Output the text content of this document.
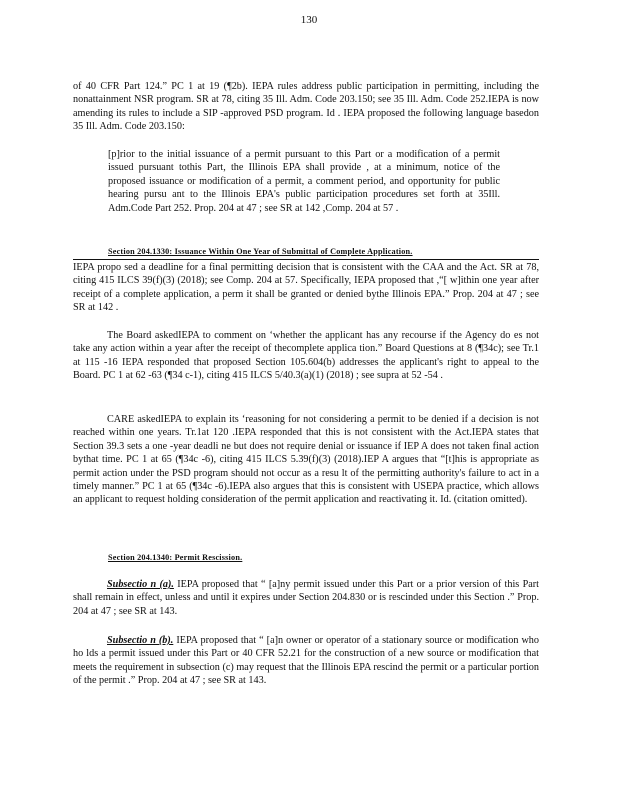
130

of 40 CFR Part 124.” PC 1 at 19 (¶2b). IEPA rules address public participation in permitting, including the nonattainment NSR program. SR at 78, citing 35 Ill. Adm. Code 203.150; see 35 Ill. Adm. Code 252.IEPA is now amending its rules to include a SIP -approved PSD program. Id . IEPA proposed the following language basedon 35 Ill. Adm. Code 203.150:

[p]rior to the initial issuance of a permit pursuant to this Part or a modification of a permit issued pursuant tothis Part, the Illinois EPA shall provide , at a minimum, notice of the proposed issuance or modification of a permit, a comment period, and opportunity for public hearing pursu ant to the Illinois EPA's public participation procedures set forth at 35Ill. Adm.Code Part 252. Prop. 204 at 47 ; see SR at 142 ,Comp. 204 at 57 .

Section 204.1330: Issuance Within One Year of Submittal of Complete Application.

IEPA propo sed a deadline for a final permitting decision that is consistent with the CAA and the Act. SR at 78, citing 415 ILCS 39(f)(3) (2018); see Comp. 204 at 57. Specifically, IEPA proposed that ,“[ w]ithin one year after receipt of a complete application, a perm it shall be granted or denied bythe Illinois EPA.” Prop. 204 at 47 ; see SR at 142 .

The Board askedIEPA to comment on ‘whether the applicant has any recourse if the Agency do es not take any action within a year after the receipt of thecomplete applica tion.” Board Questions at 8 (¶34c); see Tr.1 at 115 -16 IEPA responded that proposed Section 105.604(b) addresses the applicant's right to appeal to the Board. PC 1 at 62 -63 (¶34 c-1), citing 415 ILCS 5/40.3(a)(1) (2018) ; see supra at 52 -54 .

CARE askedIEPA to explain its ‘reasoning for not considering a permit to be denied if a decision is not reached within one years. Tr.1at 120 .IEPA responded that this is not consistent with the Act.IEPA states that Section 39.3 sets a one -year deadli ne but does not require denial or issuance if IEP A does not taken final action bythat time. PC 1 at 65 (¶34c -6), citing 415 ILCS 5.39(f)(3) (2018).IEP A argues that “[t]his is appropriate as permit action under the PSD program should not occur as a resu lt of the permitting authority's failure to act in a timely manner.” PC 1 at 65 (¶34c -6).IEPA also argues that this is consistent with USEPA practice, which allows an applicant to request holding consideration of the permit application and reactivating it. Id. (citation omitted).

Section 204.1340: Permit Rescission.

Subsectio n (a). IEPA proposed that “ [a]ny permit issued under this Part or a prior version of this Part shall remain in effect, unless and until it expires under Section 204.830 or is rescinded under this Section .” Prop. 204 at 47 ; see SR at 143.

Subsectio n (b). IEPA proposed that “ [a]n owner or operator of a stationary source or modification who ho lds a permit issued under this Part or 40 CFR 52.21 for the construction of a new source or modification that meets the requirement in subsection (c) may request that the Illinois EPA rescind the permit or a particular portion of the permit .” Prop. 204 at 47 ; see SR at 143.
